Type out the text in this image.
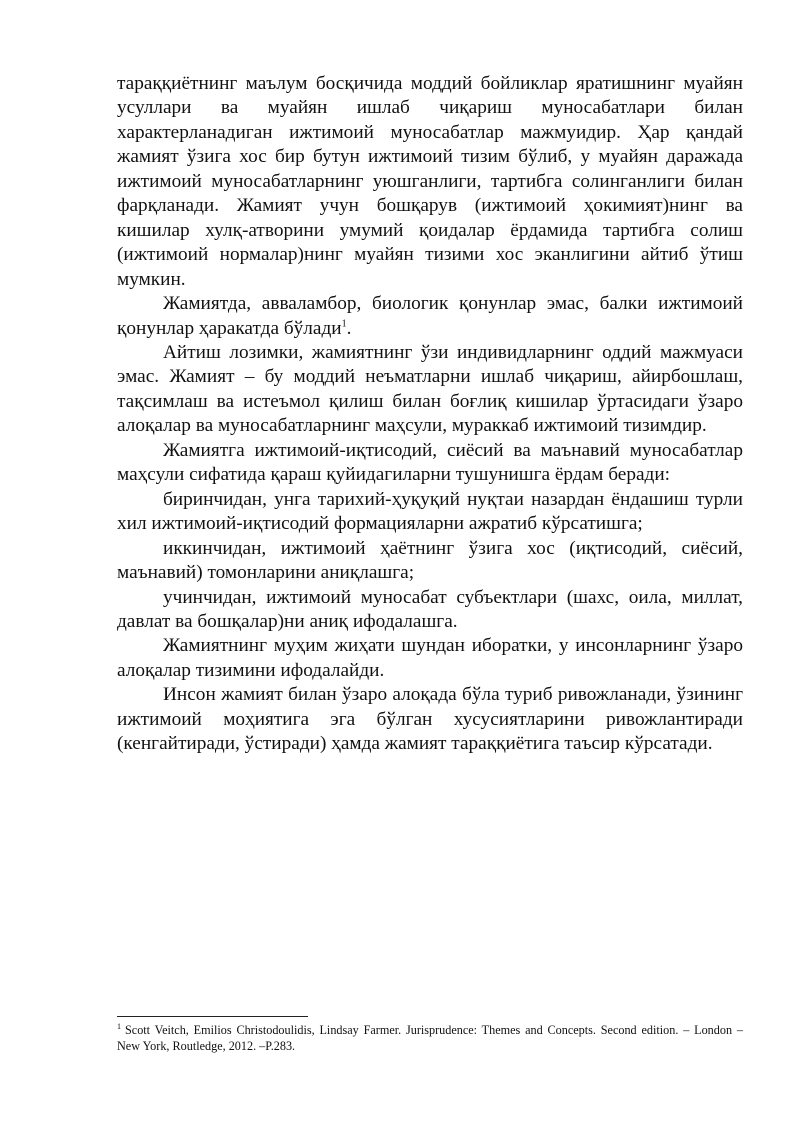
тараққиётнинг маълум босқичида моддий бойликлар яратишнинг муайян усуллари ва муайян ишлаб чиқариш муносабатлари билан характерланадиган ижтимоий муносабатлар мажмуидир. Ҳар қандай жамият ўзига хос бир бутун ижтимоий тизим бўлиб, у муайян даражада ижтимоий муносабатларнинг уюшганлиги, тартибга солинганлиги билан фарқланади. Жамият учун бошқарув (ижтимоий ҳокимият)нинг ва кишилар хулқ-атворини умумий қоидалар ёрдамида тартибга солиш (ижтимоий нормалар)нинг муайян тизими хос эканлигини айтиб ўтиш мумкин.

Жамиятда, авваламбор, биологик қонунлар эмас, балки ижтимоий қонунлар ҳаракатда бўлади$^1$.

Айтиш лозимки, жамиятнинг ўзи индивидларнинг оддий мажмуаси эмас. Жамият – бу моддий неъматларни ишлаб чиқариш, айирбошлаш, тақсимлаш ва истеъмол қилиш билан боғлиқ кишилар ўртасидаги ўзаро алоқалар ва муносабатларнинг маҳсули, мураккаб ижтимоий тизимдир.

Жамиятга ижтимоий-иқтисодий, сиёсий ва маънавий муносабатлар маҳсули сифатида қараш қуйидагиларни тушунишга ёрдам беради:

биринчидан, унга тарихий-ҳуқуқий нуқтаи назардан ёндашиш турли хил ижтимоий-иқтисодий формацияларни ажратиб кўрсатишга;

иккинчидан, ижтимоий ҳаётнинг ўзига хос (иқтисодий, сиёсий, маънавий) томонларини аниқлашга;

учинчидан, ижтимоий муносабат субъектлари (шахс, оила, миллат, давлат ва бошқалар)ни аниқ ифодалашга.

Жамиятнинг муҳим жиҳати шундан иборатки, у инсонларнинг ўзаро алоқалар тизимини ифодалайди.

Инсон жамият билан ўзаро алоқада бўла туриб ривожланади, ўзининг ижтимоий моҳиятига эга бўлган хусусиятларини ривожлантиради (кенгайтиради, ўстиради) ҳамда жамият тараққиётига таъсир кўрсатади.

$^1$ Scott Veitch, Emilios Christodoulidis, Lindsay Farmer. Jurisprudence: Themes and Concepts. Second edition. – London – New York, Routledge, 2012. –P.283.
